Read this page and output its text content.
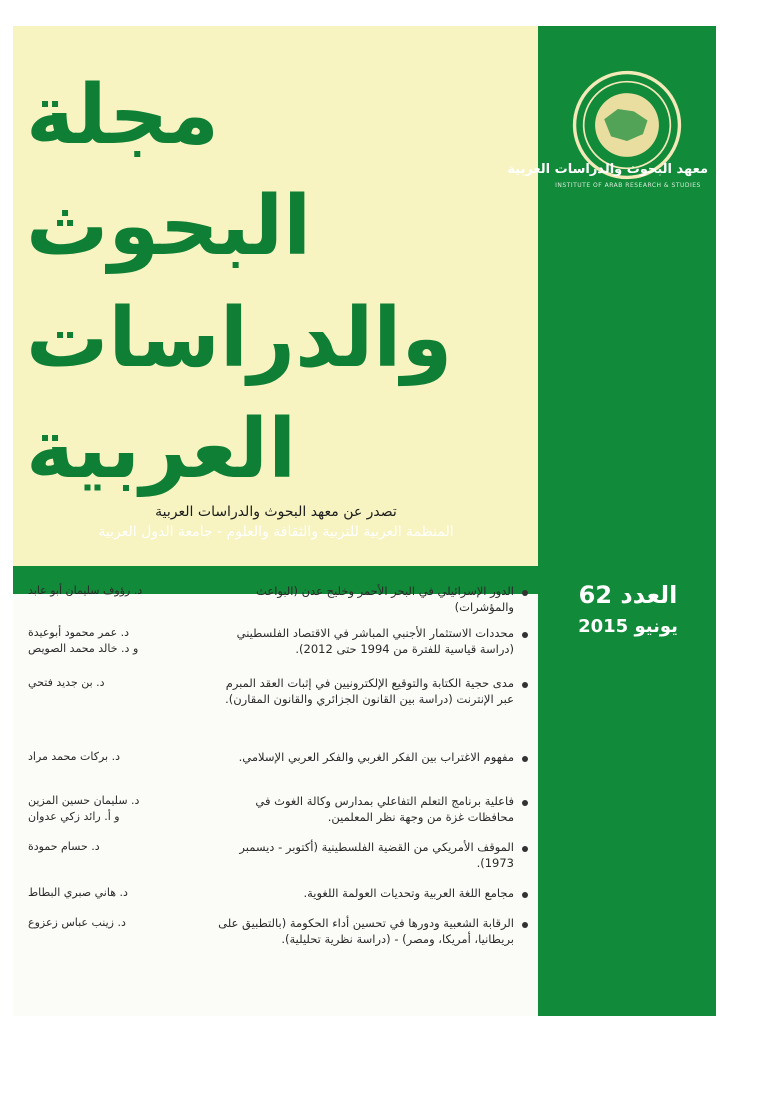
مجلة
البحوث
والدراسات
العربية
تصدر عن معهد البحوث والدراسات العربية
المنظمة العربية للتربية والثقافة والعلوم - جامعة الدول العربية
معهد البحوث والدراسات العربية
INSTITUTE OF ARAB RESEARCH & STUDIES
العدد 62
يونيو 2015
الدور الإسرائيلي في البحر الأحمر وخليج عدن (البواعث والمؤشرات)
د. رؤوف سليمان أبو عابد
محددات الاستثمار الأجنبي المباشر في الاقتصاد الفلسطيني (دراسة قياسية للفترة من 1994 حتى 2012).
د. عمر محمود أبوعيدة
و د. خالد محمد الصويص
مدى حجية الكتابة والتوقيع الإلكترونيين في إثبات العقد المبرم عبر الإنترنت (دراسة بين القانون الجزائري والقانون المقارن).
د. بن جديد فتحي
مفهوم الاغتراب بين الفكر الغربي والفكر العربي الإسلامي.
د. بركات محمد مراد
فاعلية برنامج التعلم التفاعلي بمدارس وكالة الغوث في محافظات غزة من وجهة نظر المعلمين.
د. سليمان حسين المزين
و أ. رائد زكي عدوان
الموقف الأمريكي من القضية الفلسطينية (أكتوبر - ديسمبر 1973).
د. حسام حمودة
مجامع اللغة العربية وتحديات العولمة اللغوية.
د. هاني صبري البطاط
الرقابة الشعبية ودورها في تحسين أداء الحكومة (بالتطبيق على بريطانيا، أمريكا، ومصر) - (دراسة نظرية تحليلية).
د. زينب عباس زعزوع
